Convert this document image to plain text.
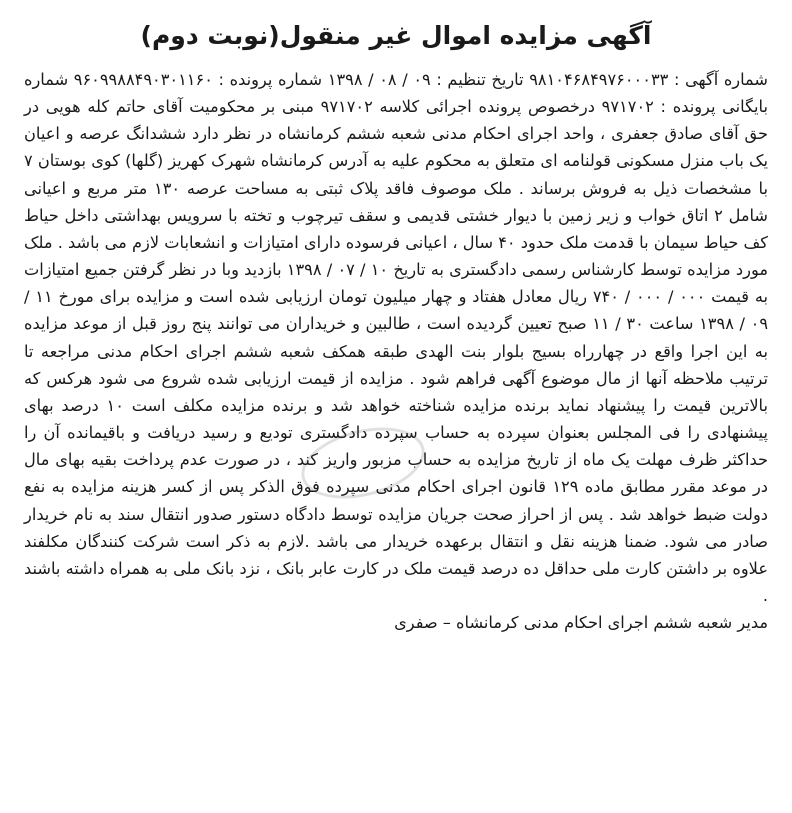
آگهی مزایده اموال غیر منقول(نوبت دوم)

شماره آگهی : ۹۸۱۰۴۶۸۴۹۷۶۰۰۰۳۳ تاریخ تنظیم : ۰۹ / ۰۸ / ۱۳۹۸ شماره پرونده : ۹۶۰۹۹۸۸۴۹۰۳۰۱۱۶۰ شماره بایگانی پرونده : ۹۷۱۷۰۲ درخصوص پرونده اجرائی کلاسه ۹۷۱۷۰۲ مبنی بر محکومیت آقای حاتم کله هویی در حق آقای صادق جعفری ، واحد اجرای احکام مدنی شعبه ششم کرمانشاه در نظر دارد ششدانگ عرصه و اعیان یک باب منزل مسکونی قولنامه ای متعلق به محکوم علیه به آدرس کرمانشاه شهرک کهریز (گلها) کوی بوستان ۷ با مشخصات ذیل به فروش برساند . ملک موصوف فاقد پلاک ثبتی به مساحت عرصه ۱۳۰ متر مربع و اعیانی شامل ۲ اتاق خواب و زیر زمین با دیوار خشتی قدیمی و سقف تیرچوب و تخته با سرویس بهداشتی داخل حیاط کف حیاط سیمان با قدمت ملک حدود ۴۰ سال ، اعیانی فرسوده دارای امتیازات و انشعابات لازم می باشد . ملک مورد مزایده توسط کارشناس رسمی دادگستری به تاریخ ۱۰ / ۰۷ / ۱۳۹۸ بازدید وبا در نظر گرفتن جمیع امتیازات به قیمت ۰۰۰ / ۰۰۰ / ۷۴۰ ریال معادل هفتاد و چهار میلیون تومان ارزیابی شده است و مزایده برای مورخ ۱۱ / ۰۹ / ۱۳۹۸ ساعت ۳۰ / ۱۱ صبح تعیین گردیده است ، طالبین و خریداران می توانند پنج روز قبل از موعد مزایده به این اجرا واقع در چهارراه بسیج بلوار بنت الهدی طبقه همکف شعبه ششم اجرای احکام مدنی مراجعه تا ترتیب ملاحظه آنها از مال موضوع آگهی فراهم شود . مزایده از قیمت ارزیابی شده شروع می شود هرکس که بالاترین قیمت را پیشنهاد نماید برنده مزایده شناخته خواهد شد و برنده مزایده مکلف است ۱۰ درصد بهای پیشنهادی را فی المجلس بعنوان سپرده به حساب سپرده دادگستری تودیع و رسید دریافت و باقیمانده آن را حداکثر ظرف مهلت یک ماه از تاریخ مزایده به حساب مزبور واریز کند ، در صورت عدم پرداخت بقیه بهای مال در موعد مقرر مطابق ماده ۱۲۹ قانون اجرای احکام مدنی سپرده فوق الذکر پس از کسر هزینه مزایده به نفع دولت ضبط خواهد شد . پس از احراز صحت جریان مزایده توسط دادگاه دستور صدور انتقال سند به نام خریدار صادر می شود. ضمنا هزینه نقل و انتقال برعهده خریدار می باشد .لازم به ذکر است شرکت کنندگان مکلفند علاوه بر داشتن کارت ملی حداقل ده درصد قیمت ملک در کارت عابر بانک ، نزد بانک ملی به همراه داشته باشند .

مدیر شعبه ششم اجرای احکام مدنی کرمانشاه – صفری
